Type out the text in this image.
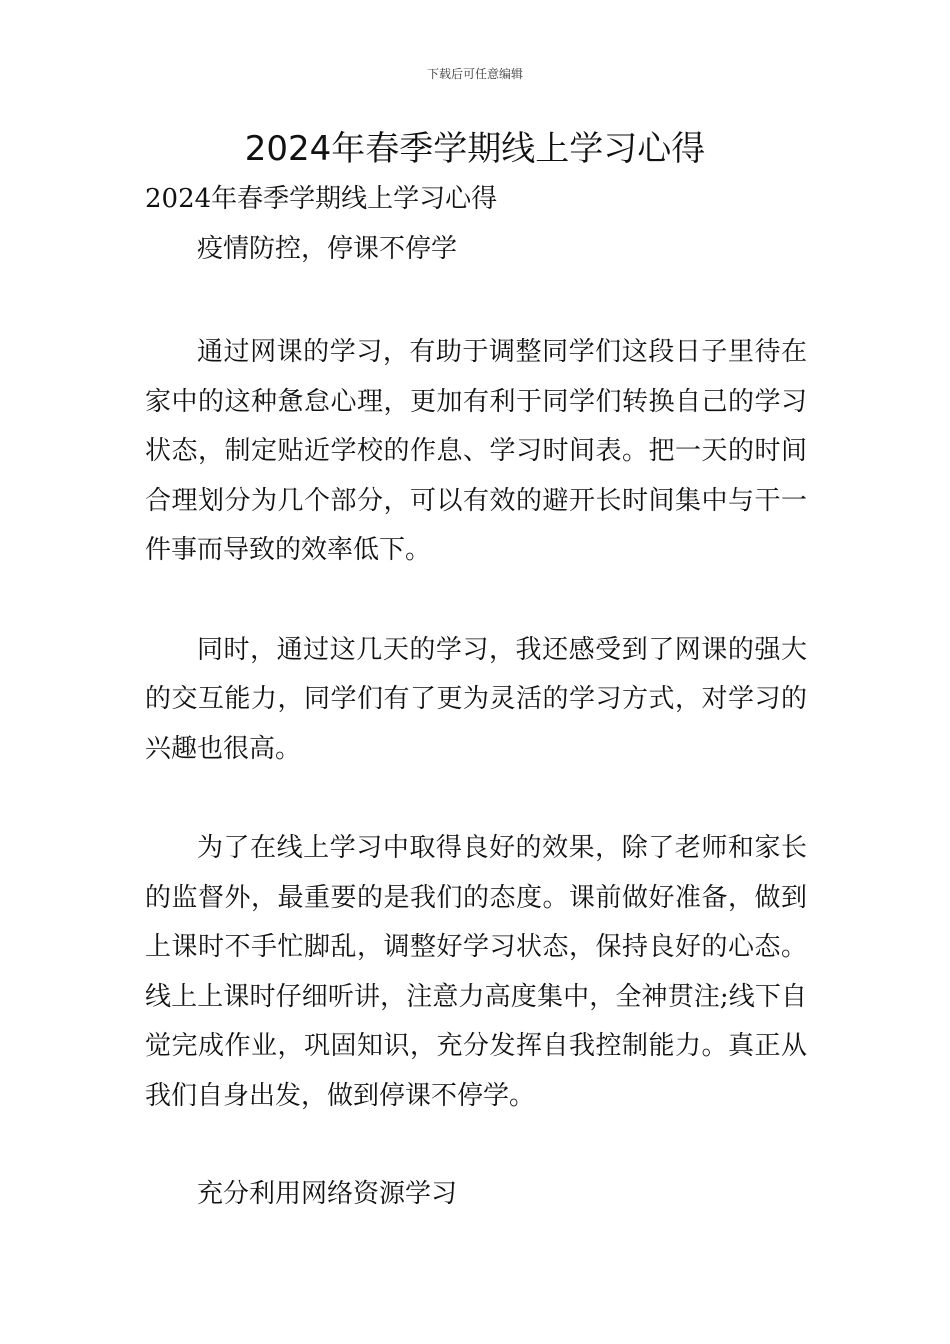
下载后可任意编辑
2024年春季学期线上学习心得

2024年春季学期线上学习心得

疫情防控，停课不停学

通过网课的学习，有助于调整同学们这段日子里待在家中的这种惫怠心理，更加有利于同学们转换自己的学习状态，制定贴近学校的作息、学习时间表。把一天的时间合理划分为几个部分，可以有效的避开长时间集中与干一件事而导致的效率低下。

同时，通过这几天的学习，我还感受到了网课的强大的交互能力，同学们有了更为灵活的学习方式，对学习的兴趣也很高。

为了在线上学习中取得良好的效果，除了老师和家长的监督外，最重要的是我们的态度。课前做好准备，做到上课时不手忙脚乱，调整好学习状态，保持良好的心态。线上上课时仔细听讲，注意力高度集中，全神贯注;线下自觉完成作业，巩固知识，充分发挥自我控制能力。真正从我们自身出发，做到停课不停学。

充分利用网络资源学习
